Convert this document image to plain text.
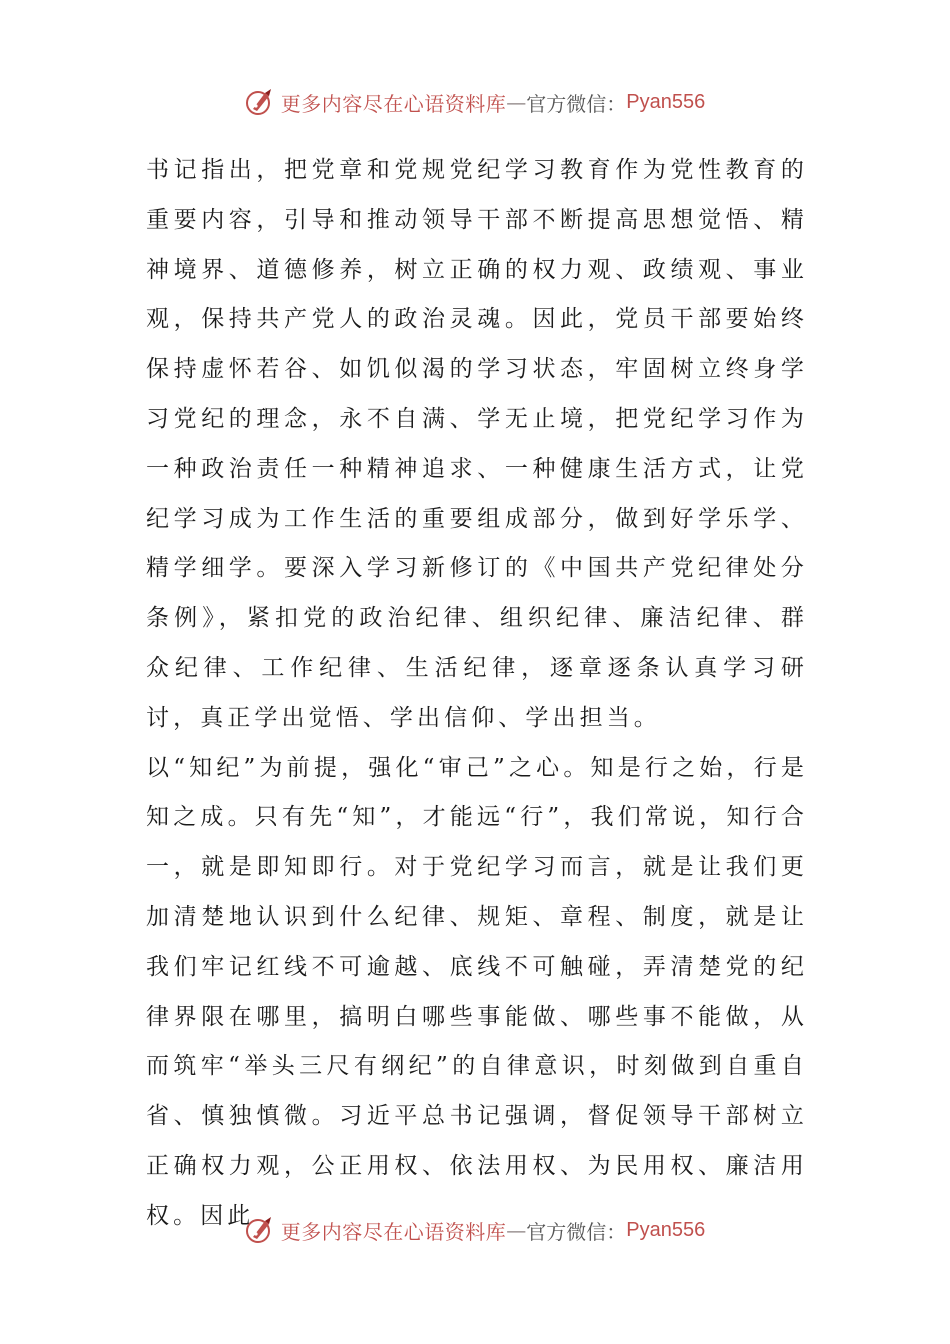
更多内容尽在心语资料库 — 官方微信： Pyan556

书记指出，把党章和党规党纪学习教育作为党性教育的重要内容，引导和推动领导干部不断提高思想觉悟、精神境界、道德修养，树立正确的权力观、政绩观、事业观，保持共产党人的政治灵魂。因此，党员干部要始终保持虚怀若谷、如饥似渴的学习状态，牢固树立终身学习党纪的理念，永不自满、学无止境，把党纪学习作为一种政治责任一种精神追求、一种健康生活方式，让党纪学习成为工作生活的重要组成部分，做到好学乐学、精学细学。要深入学习新修订的《中国共产党纪律处分条例》，紧扣党的政治纪律、组织纪律、廉洁纪律、群众纪律、工作纪律、生活纪律，逐章逐条认真学习研讨，真正学出觉悟、学出信仰、学出担当。

以“知纪”为前提，强化“审己”之心。知是行之始，行是知之成。只有先“知”，才能远“行”，我们常说，知行合一，就是即知即行。对于党纪学习而言，就是让我们更加清楚地认识到什么纪律、规矩、章程、制度，就是让我们牢记红线不可逾越、底线不可触碰，弄清楚党的纪律界限在哪里，搞明白哪些事能做、哪些事不能做，从而筑牢“举头三尺有纲纪”的自律意识，时刻做到自重自省、慎独慎微。习近平总书记强调，督促领导干部树立正确权力观，公正用权、依法用权、为民用权、廉洁用权。因此

更多内容尽在心语资料库 — 官方微信： Pyan556
